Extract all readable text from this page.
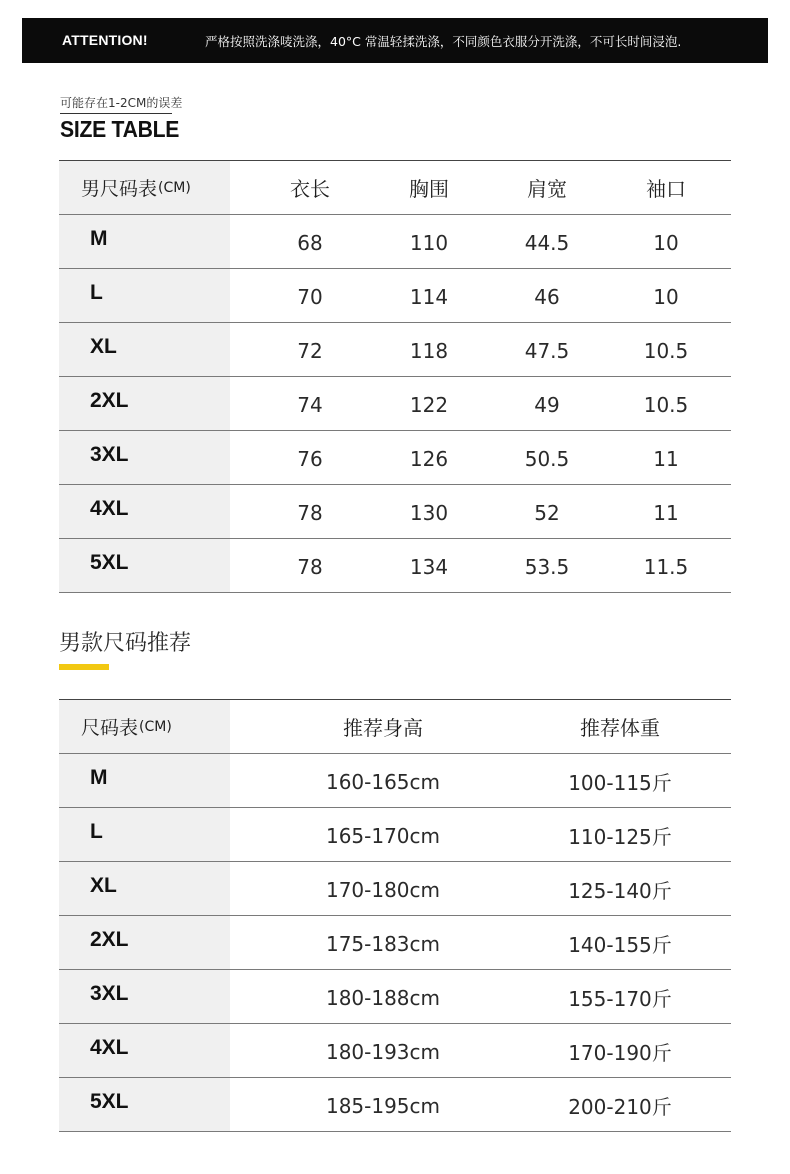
ATTENTION!	严格按照洗涤唛洗涤，40°C 常温轻揉洗涤，不同颜色衣服分开洗涤，不可长时间浸泡.
可能存在1-2CM的误差
SIZE TABLE
男尺码表 (CM)	衣长	胸围	肩宽	袖口
M	68	110	44.5	10
L	70	114	46	10
XL	72	118	47.5	10.5
2XL	74	122	49	10.5
3XL	76	126	50.5	11
4XL	78	130	52	11
5XL	78	134	53.5	11.5
男款尺码推荐
尺码表 (CM)	推荐身高	推荐体重
M	160-165cm	100-115斤
L	165-170cm	110-125斤
XL	170-180cm	125-140斤
2XL	175-183cm	140-155斤
3XL	180-188cm	155-170斤
4XL	180-193cm	170-190斤
5XL	185-195cm	200-210斤
